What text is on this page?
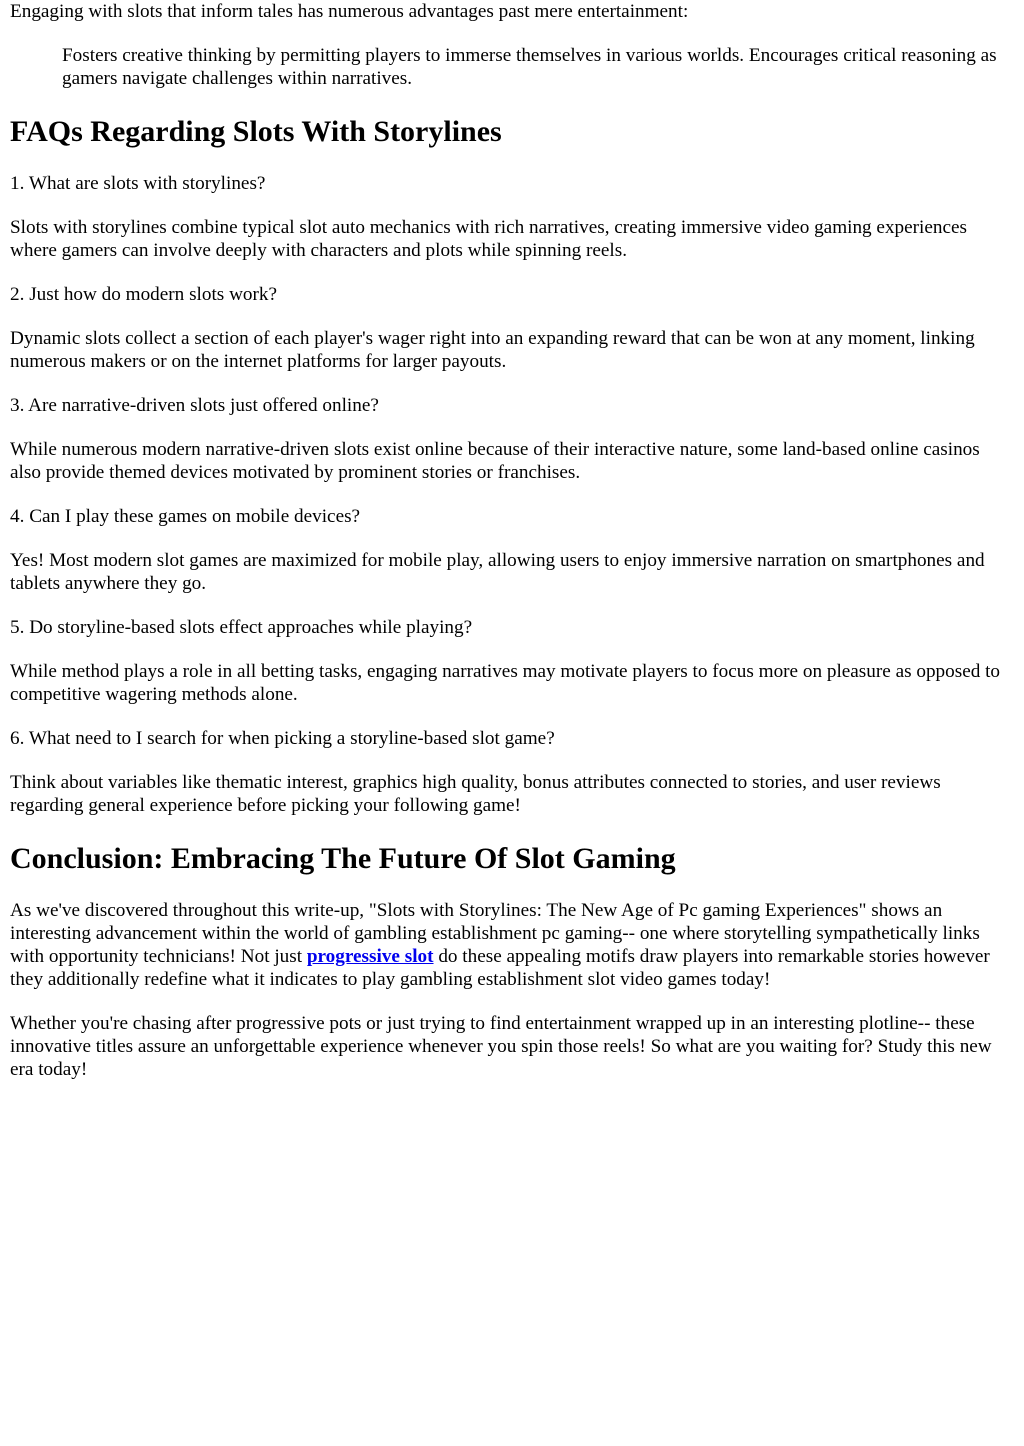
Engaging with slots that inform tales has numerous advantages past mere entertainment:

Fosters creative thinking by permitting players to immerse themselves in various worlds. Encourages critical reasoning as gamers navigate challenges within narratives.

FAQs Regarding Slots With Storylines

1. What are slots with storylines?

Slots with storylines combine typical slot auto mechanics with rich narratives, creating immersive video gaming experiences where gamers can involve deeply with characters and plots while spinning reels.

2. Just how do modern slots work?

Dynamic slots collect a section of each player's wager right into an expanding reward that can be won at any moment, linking numerous makers or on the internet platforms for larger payouts.

3. Are narrative-driven slots just offered online?

While numerous modern narrative-driven slots exist online because of their interactive nature, some land-based online casinos also provide themed devices motivated by prominent stories or franchises.

4. Can I play these games on mobile devices?

Yes! Most modern slot games are maximized for mobile play, allowing users to enjoy immersive narration on smartphones and tablets anywhere they go.

5. Do storyline-based slots effect approaches while playing?

While method plays a role in all betting tasks, engaging narratives may motivate players to focus more on pleasure as opposed to competitive wagering methods alone.

6. What need to I search for when picking a storyline-based slot game?

Think about variables like thematic interest, graphics high quality, bonus attributes connected to stories, and user reviews regarding general experience before picking your following game!

Conclusion: Embracing The Future Of Slot Gaming

As we've discovered throughout this write-up, "Slots with Storylines: The New Age of Pc gaming Experiences" shows an interesting advancement within the world of gambling establishment pc gaming-- one where storytelling sympathetically links with opportunity technicians! Not just progressive slot do these appealing motifs draw players into remarkable stories however they additionally redefine what it indicates to play gambling establishment slot video games today!

Whether you're chasing after progressive pots or just trying to find entertainment wrapped up in an interesting plotline-- these innovative titles assure an unforgettable experience whenever you spin those reels! So what are you waiting for? Study this new era today!
